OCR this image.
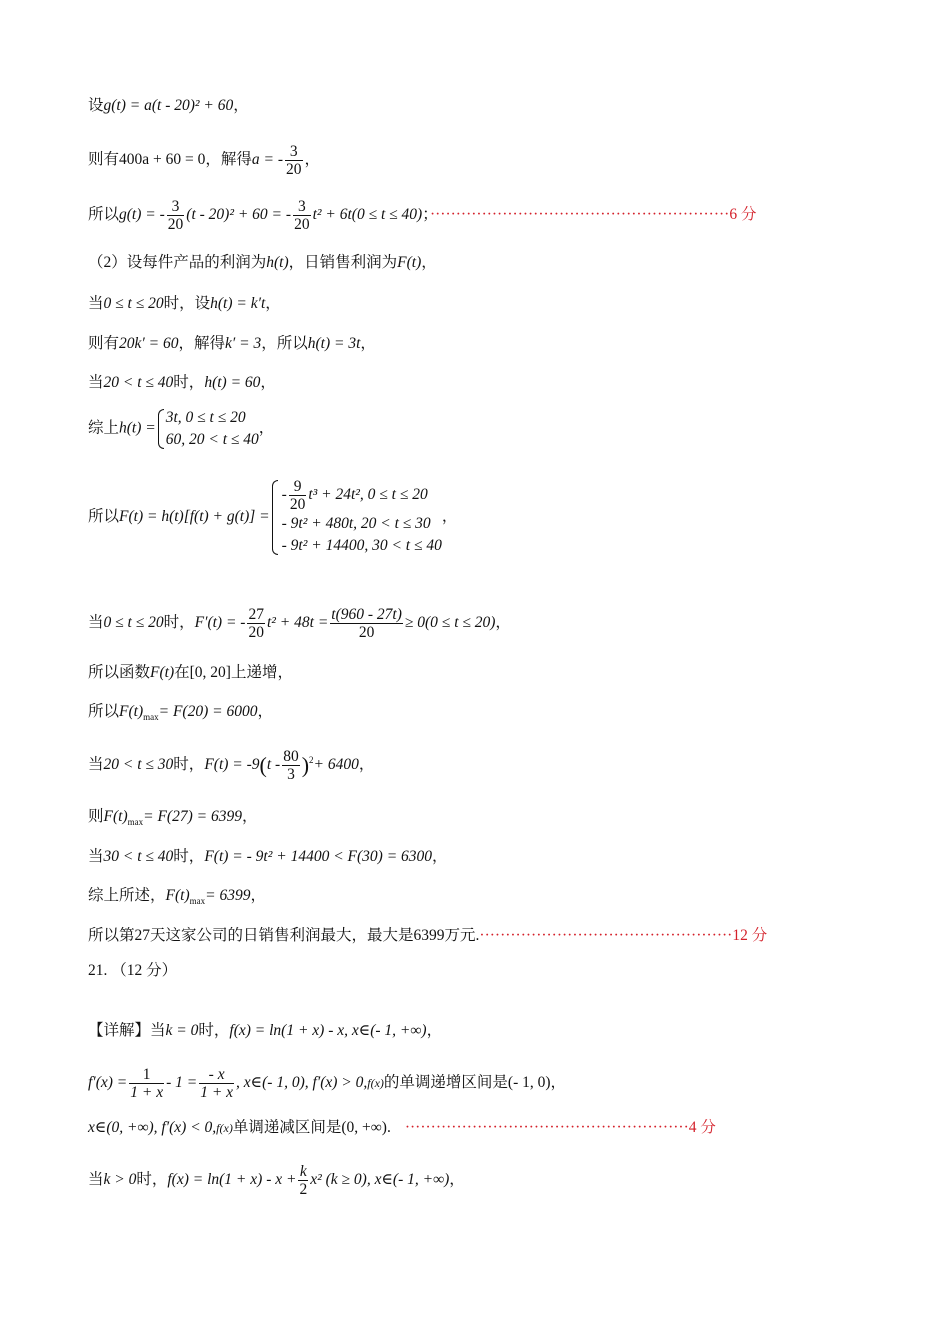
设g(t) = a(t - 20)² + 60，
则有400a + 60 = 0，解得a = - $\frac{3}{20}$ ，
所以g(t) = - $\frac{3}{20} (t - 20)^2 + 60$ = - $\frac{3}{20} t^2 + 6t(0 \le t \le 40)$；··························································6 分
（2）设每件产品的利润为h(t)，日销售利润为F(t)，
当0 ≤ t ≤ 20时，设h(t) = k′t，
则有20k′ = 60，解得k′ = 3，所以h(t) = 3t，
当20 < t ≤ 40时，h(t) = 60，
综上h(t) =
3t, 0 ≤ t ≤ 20
60, 20 < t ≤ 40
，
所以F(t) = h(t)[f(t) + g(t)] =
- $\frac{9}{20} t^3 + 24t^2$, 0 ≤ t ≤ 20
- 9t² + 480t, 20 < t ≤ 30
- 9t² + 14400, 30 < t ≤ 40
，
当0 ≤ t ≤ 20时，F′(t) = - $\frac{27}{20} t^2 + 48t = \frac{t(960 - 27t)}{20} \ge 0(0 \le t \le 20)$，
所以函数F(t)在[0, 20]上递增，
所以$F(t)_{max}= F(20) = 6000$，
当20 < t ≤ 30时，$F(t) = -9(t - \frac{80}{3} )^2+ 6400$，
则$F(t)_{max}= F(27) = 6399$，
当30 < t ≤ 40时，F(t) = - 9t² + 14400 < F(30) = 6300，
综上所述，$F(t)_{max}= 6399$，
所以第27天这家公司的日销售利润最大，最大是6399万元.·················································12 分
21. （12 分）
【详解】当k = 0时，f(x) = ln(1 + x) - x, x∈(- 1, +∞)，
$f'(x) = \frac{1}{1 + x} - 1 = \frac{- x}{1 + x}$ , x∈(- 1, 0), f′(x) > 0,f(x)的单调递增区间是(- 1, 0)，
x∈(0, +∞), f′(x) < 0,f(x)单调递减区间是(0, +∞). ·······················································4 分
当k > 0时，$f(x) = \ln(1 + x) - x + \frac{k}{2} x^2$ (k ≥ 0), x∈(- 1, +∞)，
